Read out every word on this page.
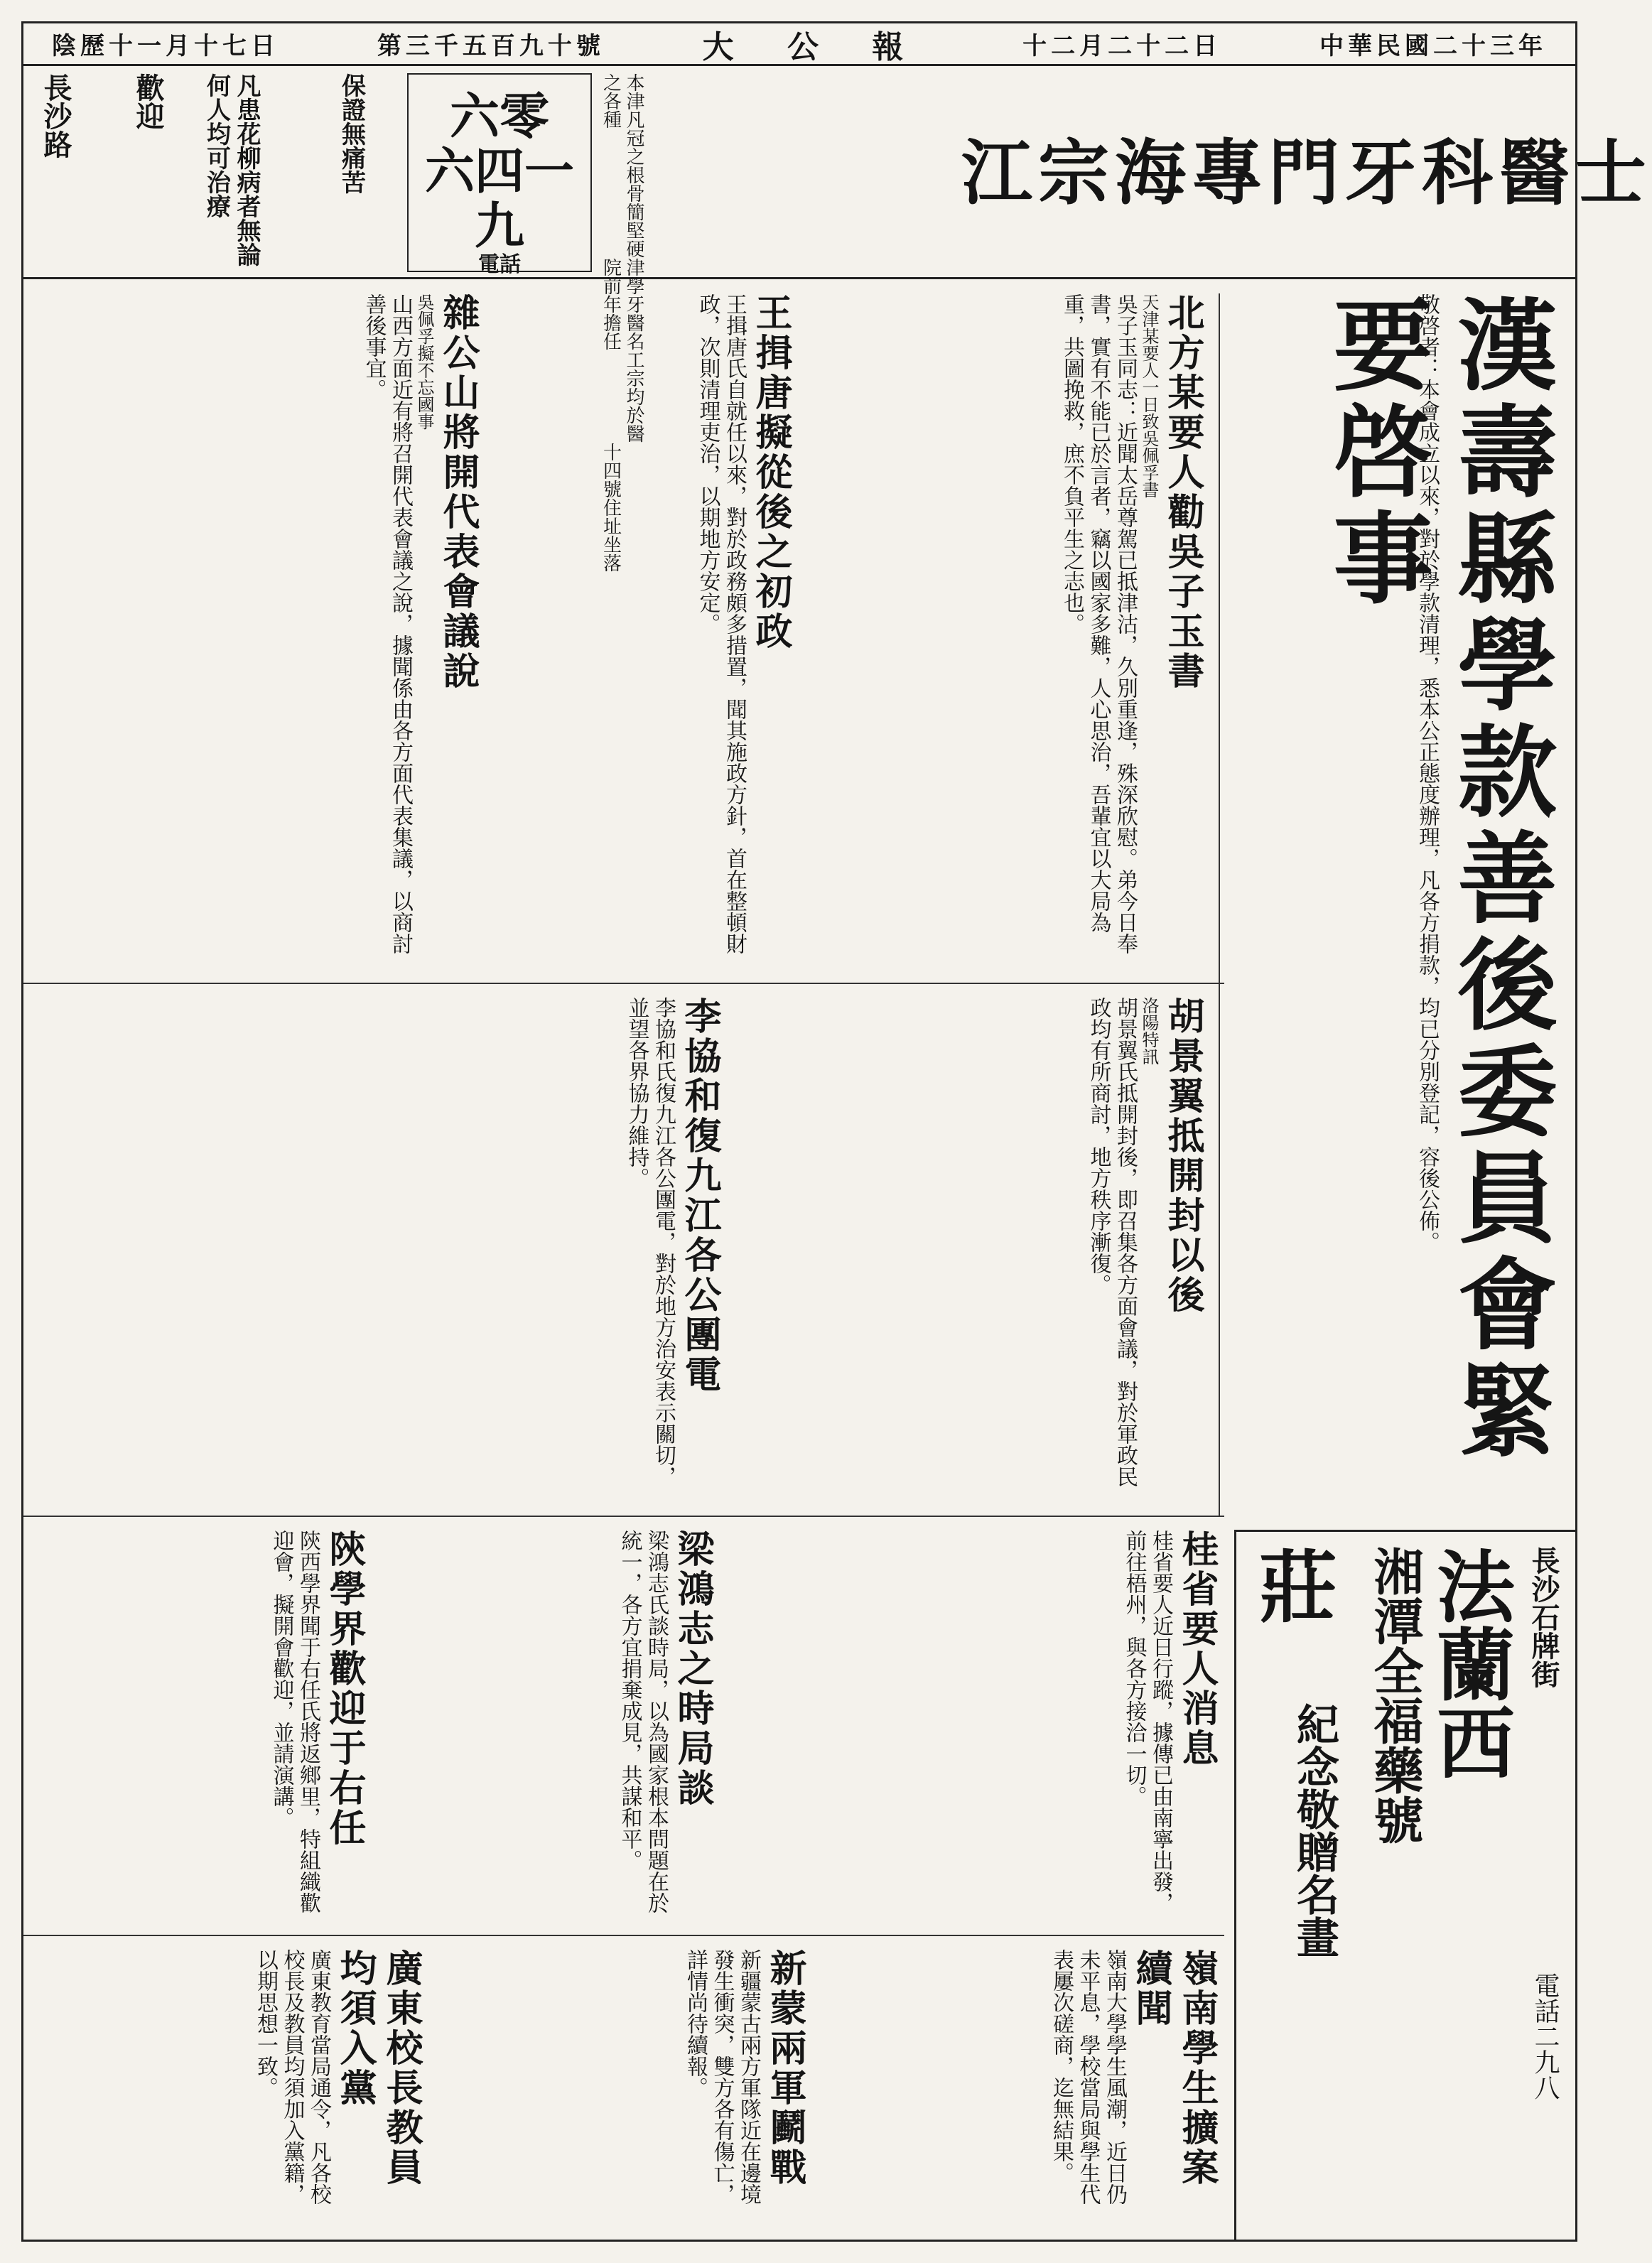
陰歷十一月十七日	第三千五百九十號	大 公 報	十二月二十二日	中華民國二十三年
長沙路 歡迎	凡患花柳病者無論何人均可治療	保證無痛苦	六零
六四一九
電話
本津凡冠之根骨簡堅硬之各種
津學牙醫名工宗均於醫院前年擔任
十四號住址坐落
江宗海專門牙科醫士
漢壽縣學款善後委員會緊要啓事
敬啓者：本會成立以來，對於學款清理，悉本公正態度辦理，凡各方捐款，均已分別登記，容後公佈。
北方某要人勸吳子玉書
天津某要人一日致吳佩孚書
吳子玉同志：近聞太岳尊駕已抵津沽，久別重逢，殊深欣慰。弟今日奉書，實有不能已於言者，竊以國家多難，人心思治，吾輩宜以大局為重，共圖挽救，庶不負平生之志也。
王揖唐擬從後之初政
王揖唐氏自就任以來，對於政務頗多措置，聞其施政方針，首在整頓財政，次則清理吏治，以期地方安定。
雜公山將開代表會議說
吳佩孚擬不忘國事
山西方面近有將召開代表會議之說，據聞係由各方面代表集議，以商討善後事宜。
胡景翼抵開封以後
洛陽特訊
胡景翼氏抵開封後，即召集各方面會議，對於軍政民政均有所商討，地方秩序漸復。
李協和復九江各公團電
李協和氏復九江各公團電，對於地方治安表示關切，並望各界協力維持。
梁鴻志之時局談
梁鴻志氏談時局，以為國家根本問題在於統一，各方宜捐棄成見，共謀和平。	桂省要人消息
桂省要人近日行蹤，據傳已由南寧出發，前往梧州，與各方接洽一切。
陝學界歡迎于右任
陝西學界聞于右任氏將返鄉里，特組織歡迎會，擬開會歡迎，並請演講。
嶺南學生擴案續聞
嶺南大學學生風潮，近日仍未平息，學校當局與學生代表屢次磋商，迄無結果。
新蒙兩軍鬬戰
新疆蒙古兩方軍隊近在邊境發生衝突，雙方各有傷亡，詳情尚待續報。
廣東校長教員均須入黨
廣東教育當局通令，凡各校校長及教員均須加入黨籍，以期思想一致。
長沙石牌街
法蘭西
湘潭全福藥號
莊
紀念敬贈名畫
電話二九八
